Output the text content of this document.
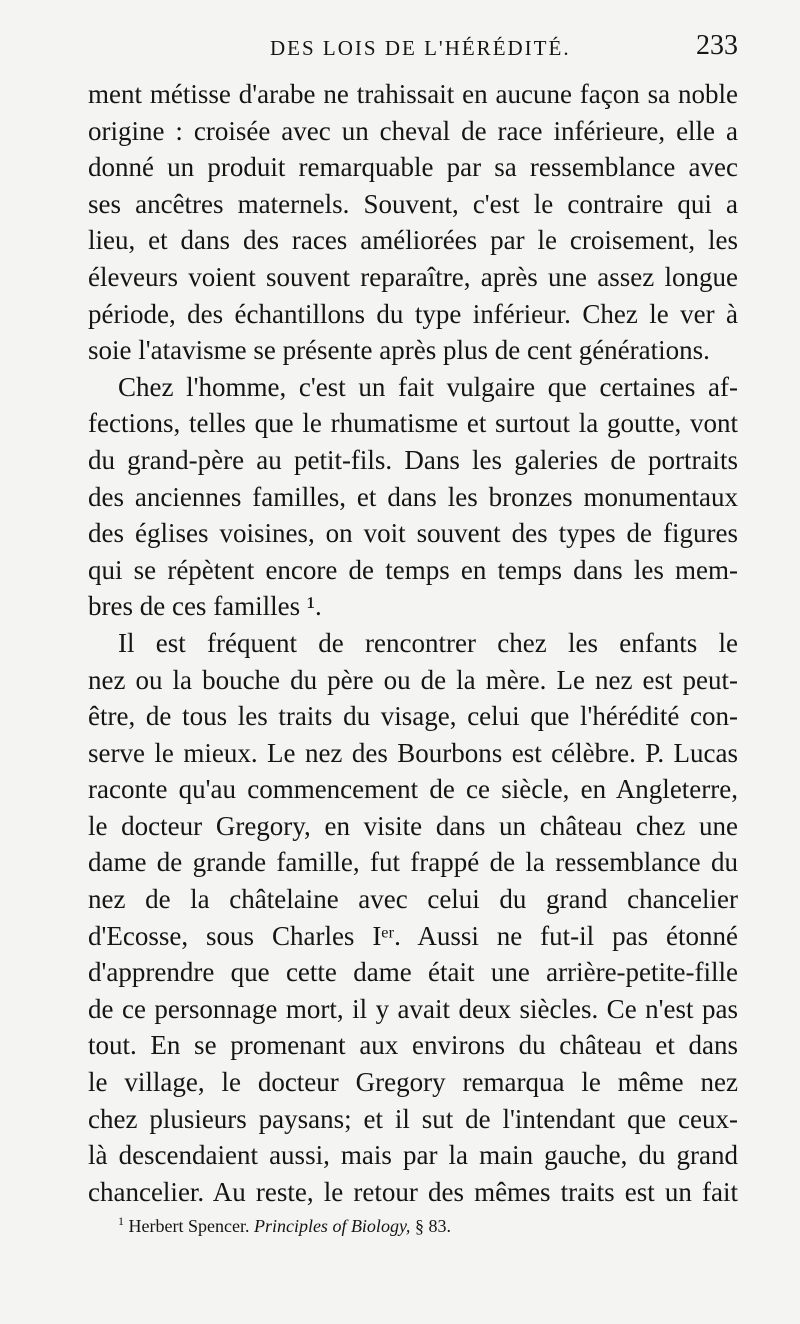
DES LOIS DE L'HÉRÉDITÉ.	233
ment métisse d'arabe ne trahissait en aucune façon sa noble
origine : croisée avec un cheval de race inférieure, elle a
donné un produit remarquable par sa ressemblance avec
ses ancêtres maternels. Souvent, c'est le contraire qui a
lieu, et dans des races améliorées par le croisement, les
éleveurs voient souvent reparaître, après une assez longue
période, des échantillons du type inférieur. Chez le ver à
soie l'atavisme se présente après plus de cent générations.
Chez l'homme, c'est un fait vulgaire que certaines af-
fections, telles que le rhumatisme et surtout la goutte, vont
du grand-père au petit-fils. Dans les galeries de portraits
des anciennes familles, et dans les bronzes monumentaux
des églises voisines, on voit souvent des types de figures
qui se répètent encore de temps en temps dans les mem-
bres de ces familles ¹.
Il est fréquent de rencontrer chez les enfants le
nez ou la bouche du père ou de la mère. Le nez est peut-
être, de tous les traits du visage, celui que l'hérédité con-
serve le mieux. Le nez des Bourbons est célèbre. P. Lucas
raconte qu'au commencement de ce siècle, en Angleterre,
le docteur Gregory, en visite dans un château chez une
dame de grande famille, fut frappé de la ressemblance du
nez de la châtelaine avec celui du grand chancelier
d'Ecosse, sous Charles Iᵉʳ. Aussi ne fut-il pas étonné
d'apprendre que cette dame était une arrière-petite-fille
de ce personnage mort, il y avait deux siècles. Ce n'est pas
tout. En se promenant aux environs du château et dans
le village, le docteur Gregory remarqua le même nez
chez plusieurs paysans; et il sut de l'intendant que ceux-
là descendaient aussi, mais par la main gauche, du grand
chancelier. Au reste, le retour des mêmes traits est un fait
$^1$ Herbert Spencer. Principles of Biology, § 83.
